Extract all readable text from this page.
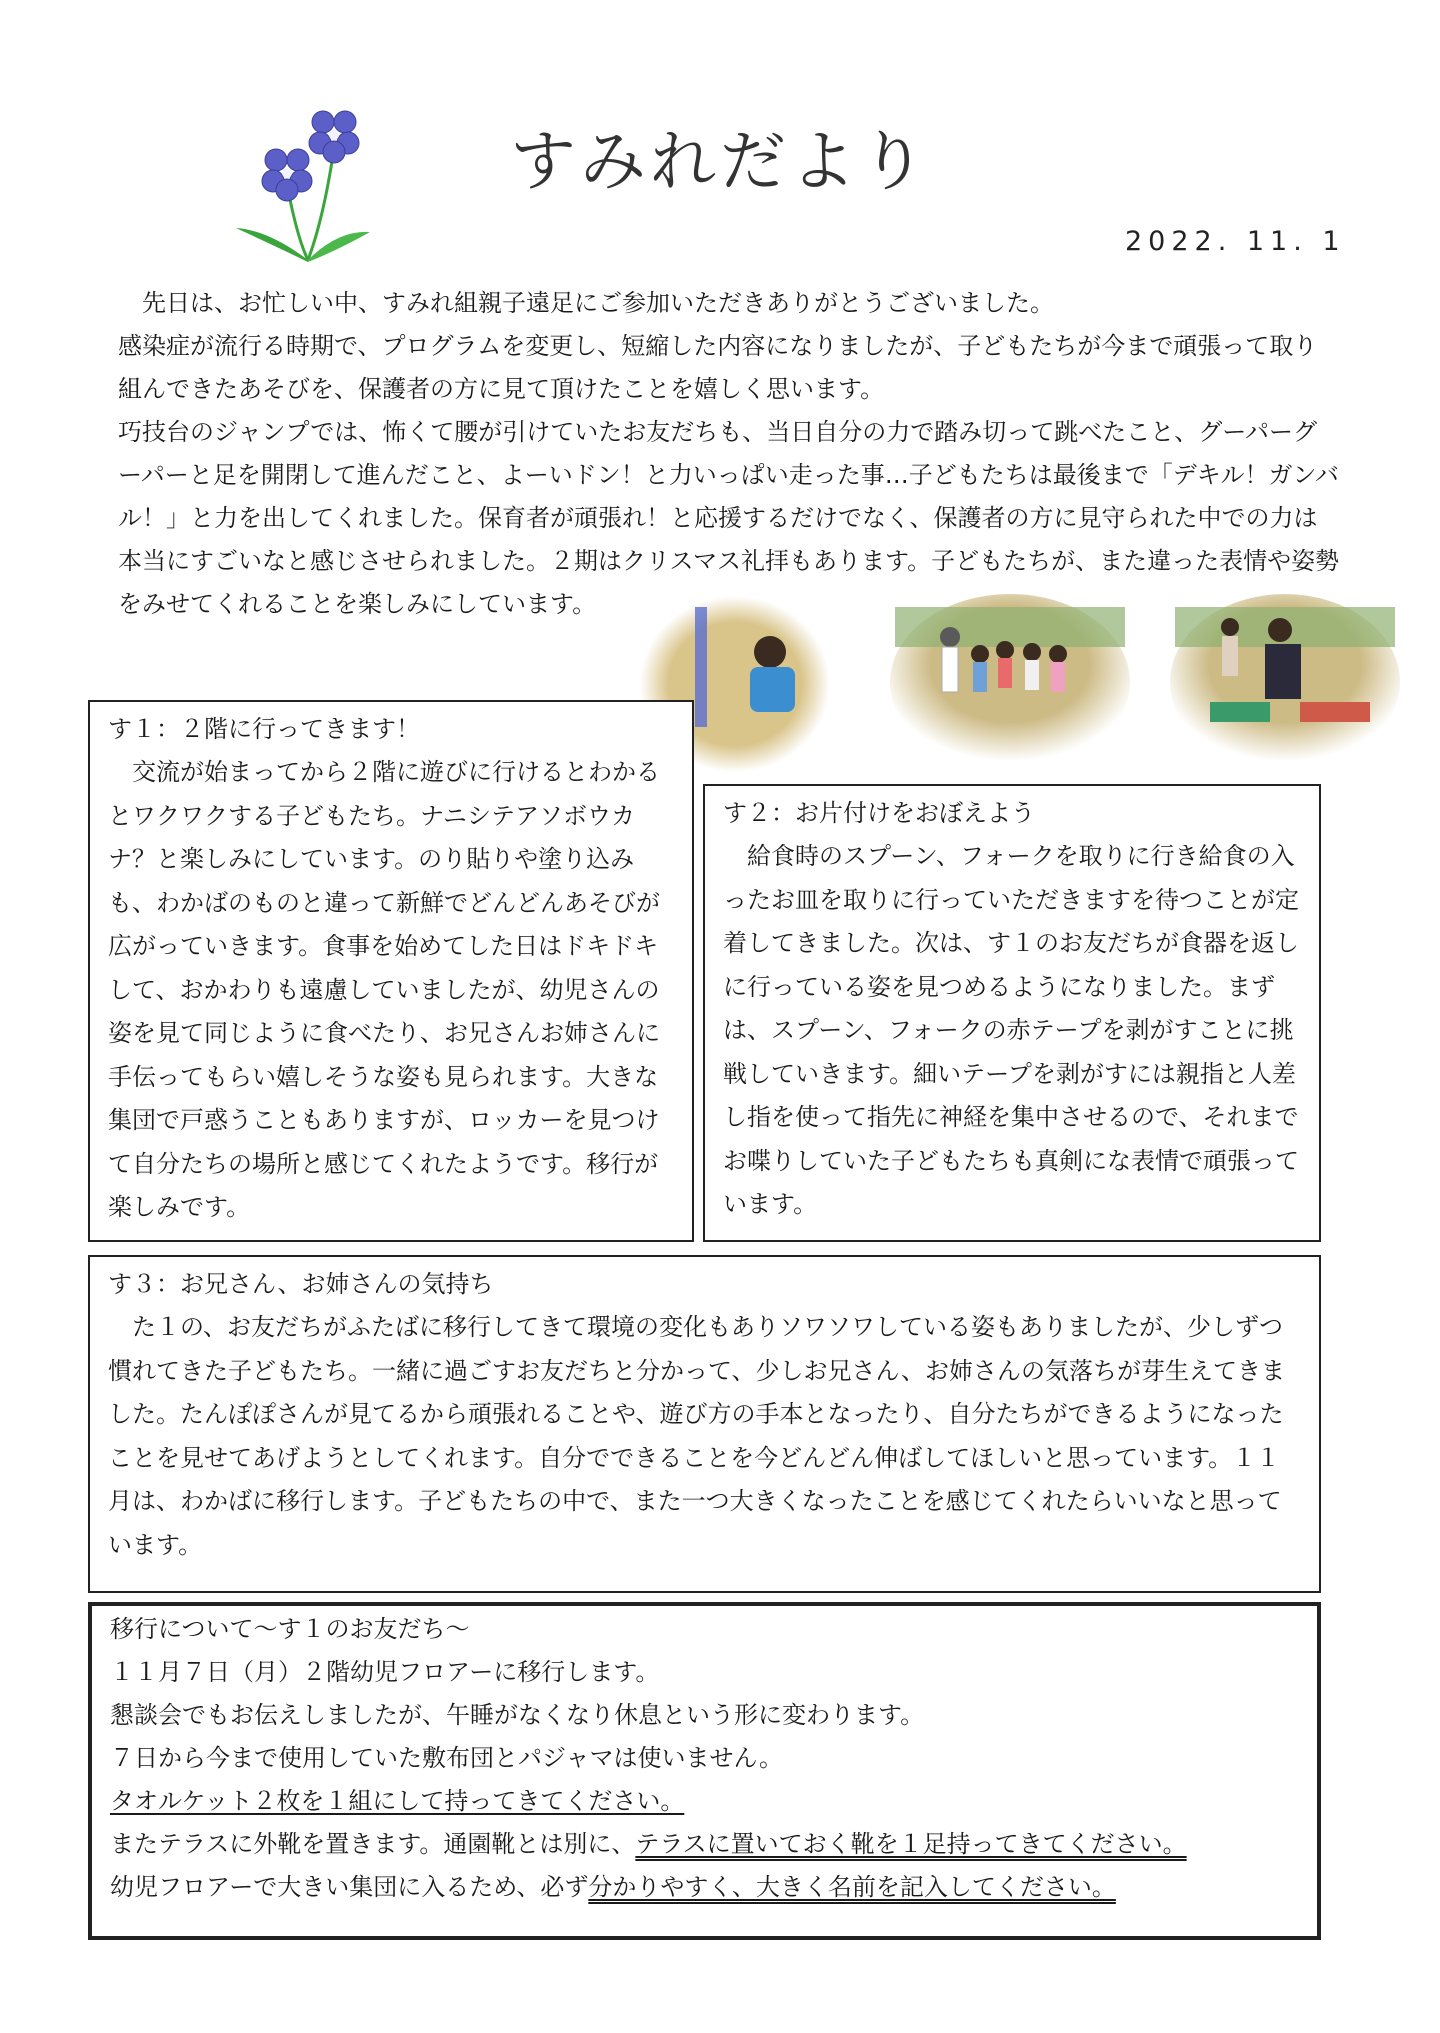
すみれだより
2022. 11. 1

先日は、お忙しい中、すみれ組親子遠足にご参加いただきありがとうございました。

感染症が流行る時期で、プログラムを変更し、短縮した内容になりましたが、子どもたちが今まで頑張って取り組んできたあそびを、保護者の方に見て頂けたことを嬉しく思います。

巧技台のジャンプでは、怖くて腰が引けていたお友だちも、当日自分の力で踏み切って跳べたこと、グーパーグーパーと足を開閉して進んだこと、よーいドン！と力いっぱい走った事…子どもたちは最後まで「デキル！ガンバル！」と力を出してくれました。保育者が頑張れ！と応援するだけでなく、保護者の方に見守られた中での力は本当にすごいなと感じさせられました。２期はクリスマス礼拝もあります。子どもたちが、また違った表情や姿勢をみせてくれることを楽しみにしています。

す１：２階に行ってきます！

交流が始まってから２階に遊びに行けるとわかるとワクワクする子どもたち。ナニシテアソボウカナ？と楽しみにしています。のり貼りや塗り込みも、わかばのものと違って新鮮でどんどんあそびが広がっていきます。食事を始めてした日はドキドキして、おかわりも遠慮していましたが、幼児さんの姿を見て同じように食べたり、お兄さんお姉さんに手伝ってもらい嬉しそうな姿も見られます。大きな集団で戸惑うこともありますが、ロッカーを見つけて自分たちの場所と感じてくれたようです。移行が楽しみです。

す２：お片付けをおぼえよう

給食時のスプーン、フォークを取りに行き給食の入ったお皿を取りに行っていただきますを待つことが定着してきました。次は、す１のお友だちが食器を返しに行っている姿を見つめるようになりました。まずは、スプーン、フォークの赤テープを剥がすことに挑戦していきます。細いテープを剥がすには親指と人差し指を使って指先に神経を集中させるので、それまでお喋りしていた子どもたちも真剣にな表情で頑張っています。

す３：お兄さん、お姉さんの気持ち

た１の、お友だちがふたばに移行してきて環境の変化もありソワソワしている姿もありましたが、少しずつ慣れてきた子どもたち。一緒に過ごすお友だちと分かって、少しお兄さん、お姉さんの気落ちが芽生えてきました。たんぽぽさんが見てるから頑張れることや、遊び方の手本となったり、自分たちができるようになったことを見せてあげようとしてくれます。自分でできることを今どんどん伸ばしてほしいと思っています。１１月は、わかばに移行します。子どもたちの中で、また一つ大きくなったことを感じてくれたらいいなと思っています。

移行について〜す１のお友だち〜

１１月７日（月）２階幼児フロアーに移行します。

懇談会でもお伝えしましたが、午睡がなくなり休息という形に変わります。

７日から今まで使用していた敷布団とパジャマは使いません。

タオルケット２枚を１組にして持ってきてください。

またテラスに外靴を置きます。通園靴とは別に、テラスに置いておく靴を１足持ってきてください。

幼児フロアーで大きい集団に入るため、必ず分かりやすく、大きく名前を記入してください。
